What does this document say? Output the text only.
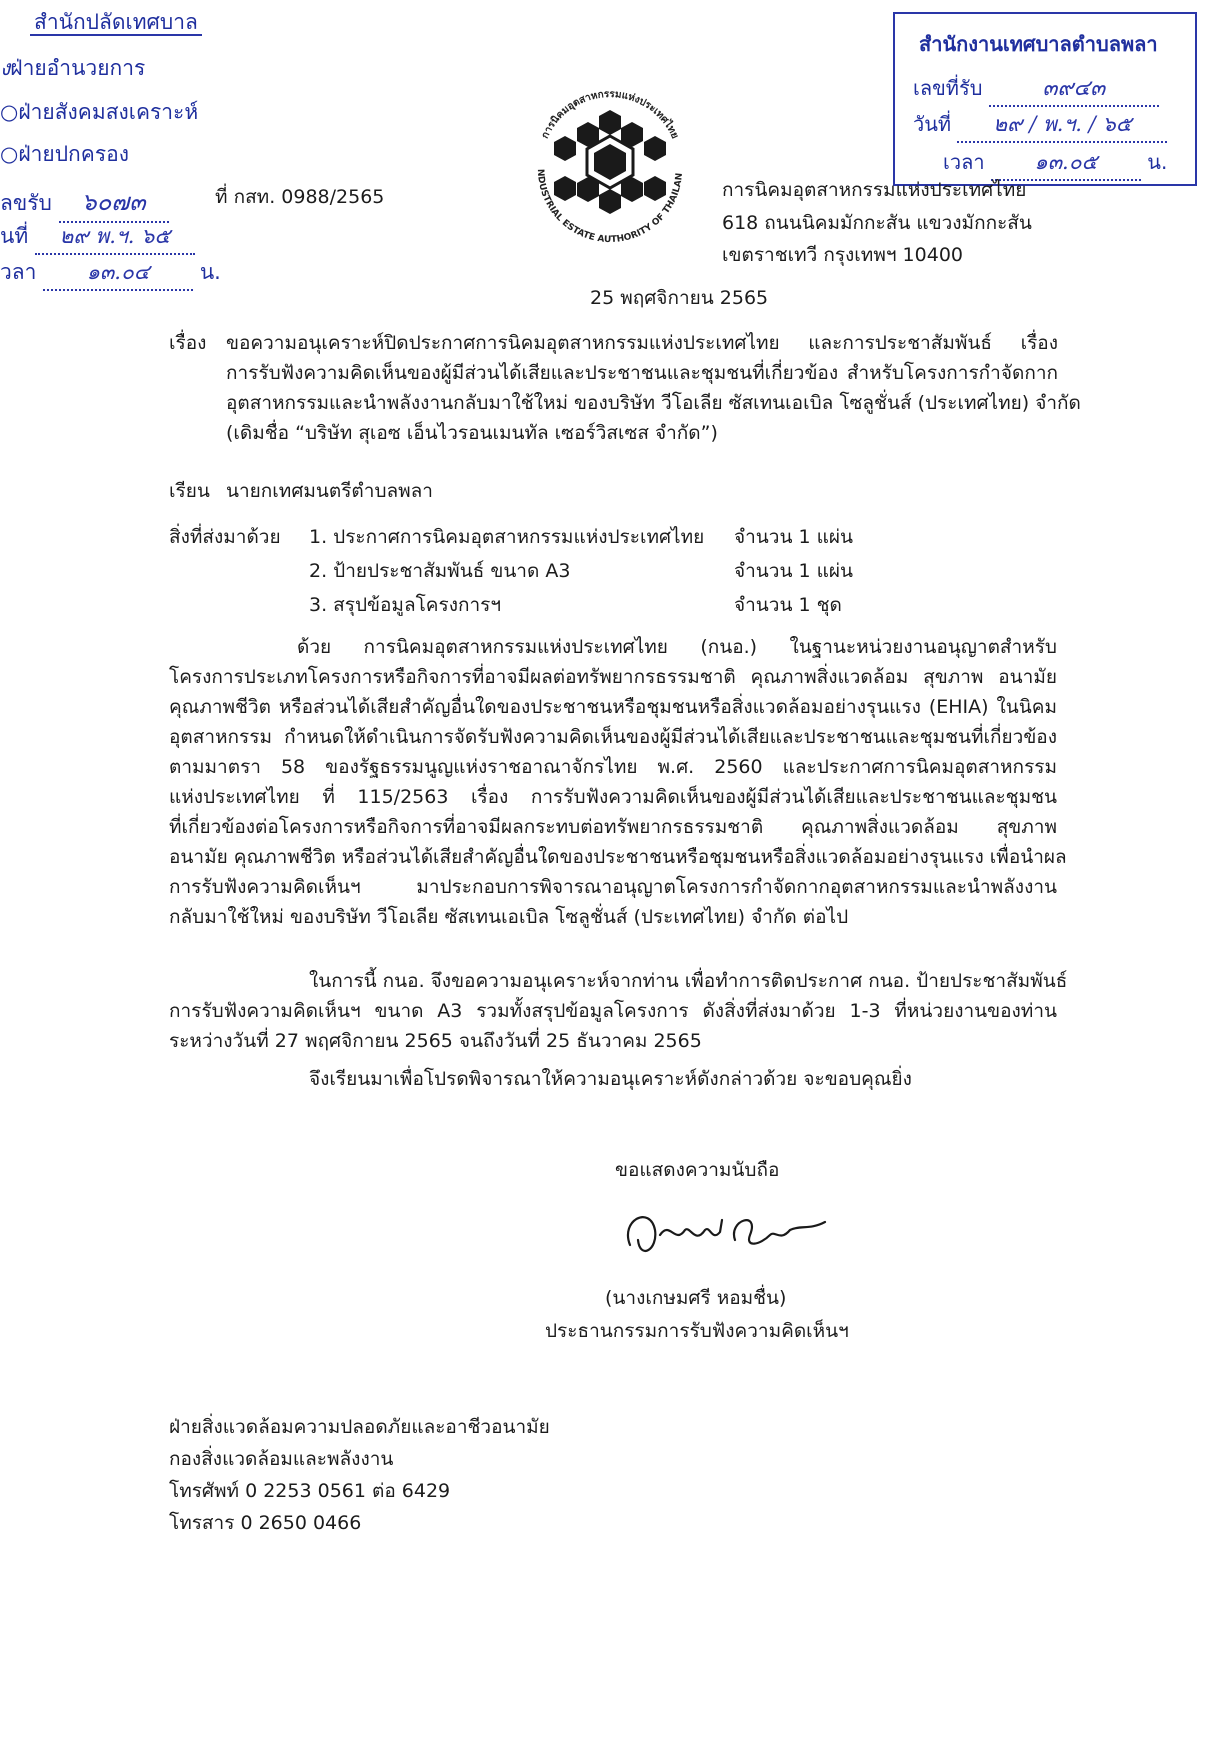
สำนักปลัดเทศบาล
งฝ่ายอำนวยการ
○ฝ่ายสังคมสงเคราะห์
○ฝ่ายปกครอง
ลขรับ ๖๐๗๓
นที่ ๒๙ พ.ฯ. ๖๕
วลา ๑๓.๐๔ น.
สำนักงานเทศบาลตำบลพลา
เลขที่รับ	๓๙๔๓
วันที่ ๒๙ / พ.ฯ. / ๖๕
เวลา ๑๓.๐๕ น.
การนิคมอุตสาหกรรมแห่งประเทศไทย
NDUSTRIAL ESTATE AUTHORITY OF THAILAN
ที่ กสท. 0988/2565	การนิคมอุตสาหกรรมแห่งประเทศไทย
618 ถนนนิคมมักกะสัน แขวงมักกะสัน
เขตราชเทวี กรุงเทพฯ 10400
25 พฤศจิกายน 2565
เรื่อง ขอความอนุเคราะห์ปิดประกาศการนิคมอุตสาหกรรมแห่งประเทศไทย และการประชาสัมพันธ์ เรื่อง
การรับฟังความคิดเห็นของผู้มีส่วนได้เสียและประชาชนและชุมชนที่เกี่ยวข้อง สำหรับโครงการกำจัดกาก
อุตสาหกรรมและนำพลังงานกลับมาใช้ใหม่ ของบริษัท วีโอเลีย ซัสเทนเอเบิล โซลูชั่นส์ (ประเทศไทย) จำกัด
(เดิมชื่อ “บริษัท สุเอซ เอ็นไวรอนเมนทัล เซอร์วิสเซส จำกัด”)
เรียน นายกเทศมนตรีตำบลพลา
สิ่งที่ส่งมาด้วย 1. ประกาศการนิคมอุตสาหกรรมแห่งประเทศไทย จำนวน 1 แผ่น
2. ป้ายประชาสัมพันธ์ ขนาด A3	จำนวน 1 แผ่น
3. สรุปข้อมูลโครงการฯ	จำนวน 1 ชุด
ด้วย การนิคมอุตสาหกรรมแห่งประเทศไทย (กนอ.) ในฐานะหน่วยงานอนุญาตสำหรับ
โครงการประเภทโครงการหรือกิจการที่อาจมีผลต่อทรัพยากรธรรมชาติ คุณภาพสิ่งแวดล้อม สุขภาพ อนามัย
คุณภาพชีวิต หรือส่วนได้เสียสำคัญอื่นใดของประชาชนหรือชุมชนหรือสิ่งแวดล้อมอย่างรุนแรง (EHIA) ในนิคม
อุตสาหกรรม กำหนดให้ดำเนินการจัดรับฟังความคิดเห็นของผู้มีส่วนได้เสียและประชาชนและชุมชนที่เกี่ยวข้อง
ตามมาตรา 58 ของรัฐธรรมนูญแห่งราชอาณาจักรไทย พ.ศ. 2560 และประกาศการนิคมอุตสาหกรรม
แห่งประเทศไทย ที่ 115/2563 เรื่อง การรับฟังความคิดเห็นของผู้มีส่วนได้เสียและประชาชนและชุมชน
ที่เกี่ยวข้องต่อโครงการหรือกิจการที่อาจมีผลกระทบต่อทรัพยากรธรรมชาติ คุณภาพสิ่งแวดล้อม สุขภาพ
อนามัย คุณภาพชีวิต หรือส่วนได้เสียสำคัญอื่นใดของประชาชนหรือชุมชนหรือสิ่งแวดล้อมอย่างรุนแรง เพื่อนำผล
การรับฟังความคิดเห็นฯ มาประกอบการพิจารณาอนุญาตโครงการกำจัดกากอุตสาหกรรมและนำพลังงาน
กลับมาใช้ใหม่ ของบริษัท วีโอเลีย ซัสเทนเอเบิล โซลูชั่นส์ (ประเทศไทย) จำกัด ต่อไป
ในการนี้ กนอ. จึงขอความอนุเคราะห์จากท่าน เพื่อทำการติดประกาศ กนอ. ป้ายประชาสัมพันธ์
การรับฟังความคิดเห็นฯ ขนาด A3 รวมทั้งสรุปข้อมูลโครงการ ดังสิ่งที่ส่งมาด้วย 1-3 ที่หน่วยงานของท่าน
ระหว่างวันที่ 27 พฤศจิกายน 2565 จนถึงวันที่ 25 ธันวาคม 2565
จึงเรียนมาเพื่อโปรดพิจารณาให้ความอนุเคราะห์ดังกล่าวด้วย จะขอบคุณยิ่ง
ขอแสดงความนับถือ
(นางเกษมศรี หอมชื่น)
ประธานกรรมการรับฟังความคิดเห็นฯ
ฝ่ายสิ่งแวดล้อมความปลอดภัยและอาชีวอนามัย
กองสิ่งแวดล้อมและพลังงาน
โทรศัพท์ 0 2253 0561 ต่อ 6429
โทรสาร 0 2650 0466
